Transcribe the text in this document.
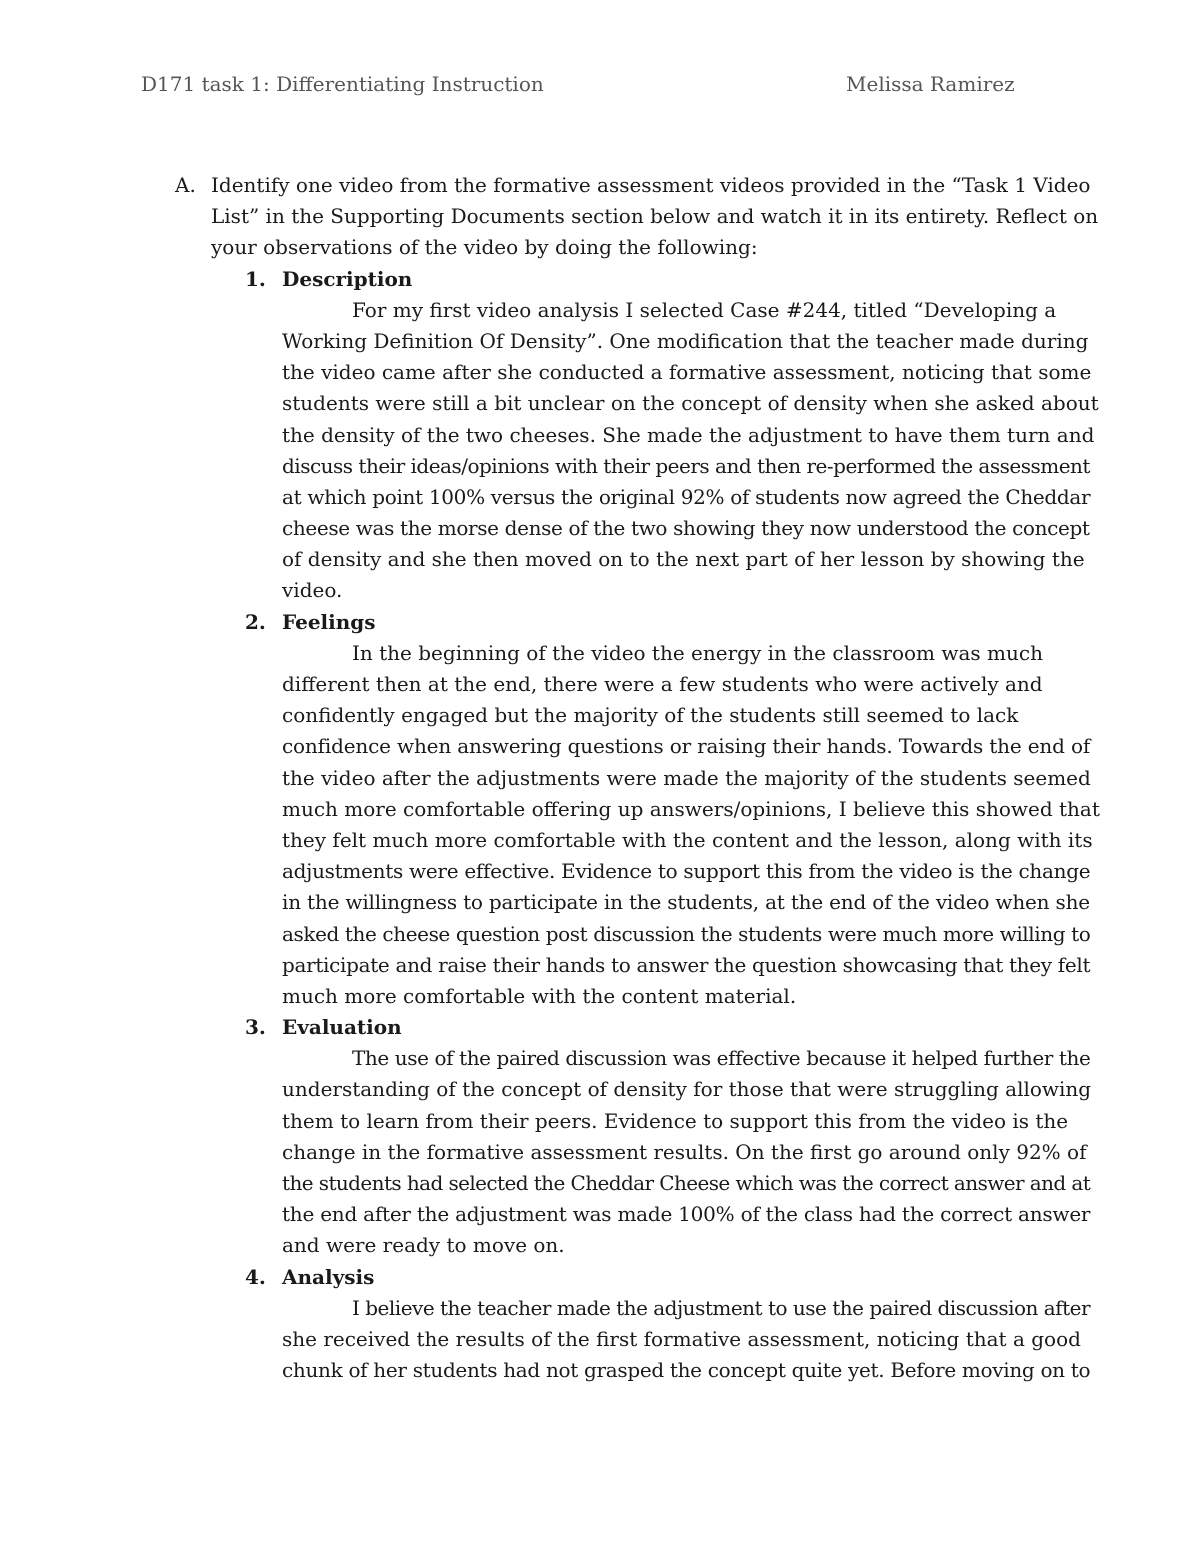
D171 task 1: Differentiating Instruction	Melissa Ramirez
A. Identify one video from the formative assessment videos provided in the “Task 1 Video
List” in the Supporting Documents section below and watch it in its entirety. Reflect on
your observations of the video by doing the following:
1. Description
For my first video analysis I selected Case #244, titled “Developing a
Working Definition Of Density”. One modification that the teacher made during
the video came after she conducted a formative assessment, noticing that some
students were still a bit unclear on the concept of density when she asked about
the density of the two cheeses. She made the adjustment to have them turn and
discuss their ideas/opinions with their peers and then re-performed the assessment
at which point 100% versus the original 92% of students now agreed the Cheddar
cheese was the morse dense of the two showing they now understood the concept
of density and she then moved on to the next part of her lesson by showing the
video.
2. Feelings
In the beginning of the video the energy in the classroom was much
different then at the end, there were a few students who were actively and
confidently engaged but the majority of the students still seemed to lack
confidence when answering questions or raising their hands. Towards the end of
the video after the adjustments were made the majority of the students seemed
much more comfortable offering up answers/opinions, I believe this showed that
they felt much more comfortable with the content and the lesson, along with its
adjustments were effective. Evidence to support this from the video is the change
in the willingness to participate in the students, at the end of the video when she
asked the cheese question post discussion the students were much more willing to
participate and raise their hands to answer the question showcasing that they felt
much more comfortable with the content material.
3. Evaluation
The use of the paired discussion was effective because it helped further the
understanding of the concept of density for those that were struggling allowing
them to learn from their peers. Evidence to support this from the video is the
change in the formative assessment results. On the first go around only 92% of
the students had selected the Cheddar Cheese which was the correct answer and at
the end after the adjustment was made 100% of the class had the correct answer
and were ready to move on.
4. Analysis
I believe the teacher made the adjustment to use the paired discussion after
she received the results of the first formative assessment, noticing that a good
chunk of her students had not grasped the concept quite yet. Before moving on to
